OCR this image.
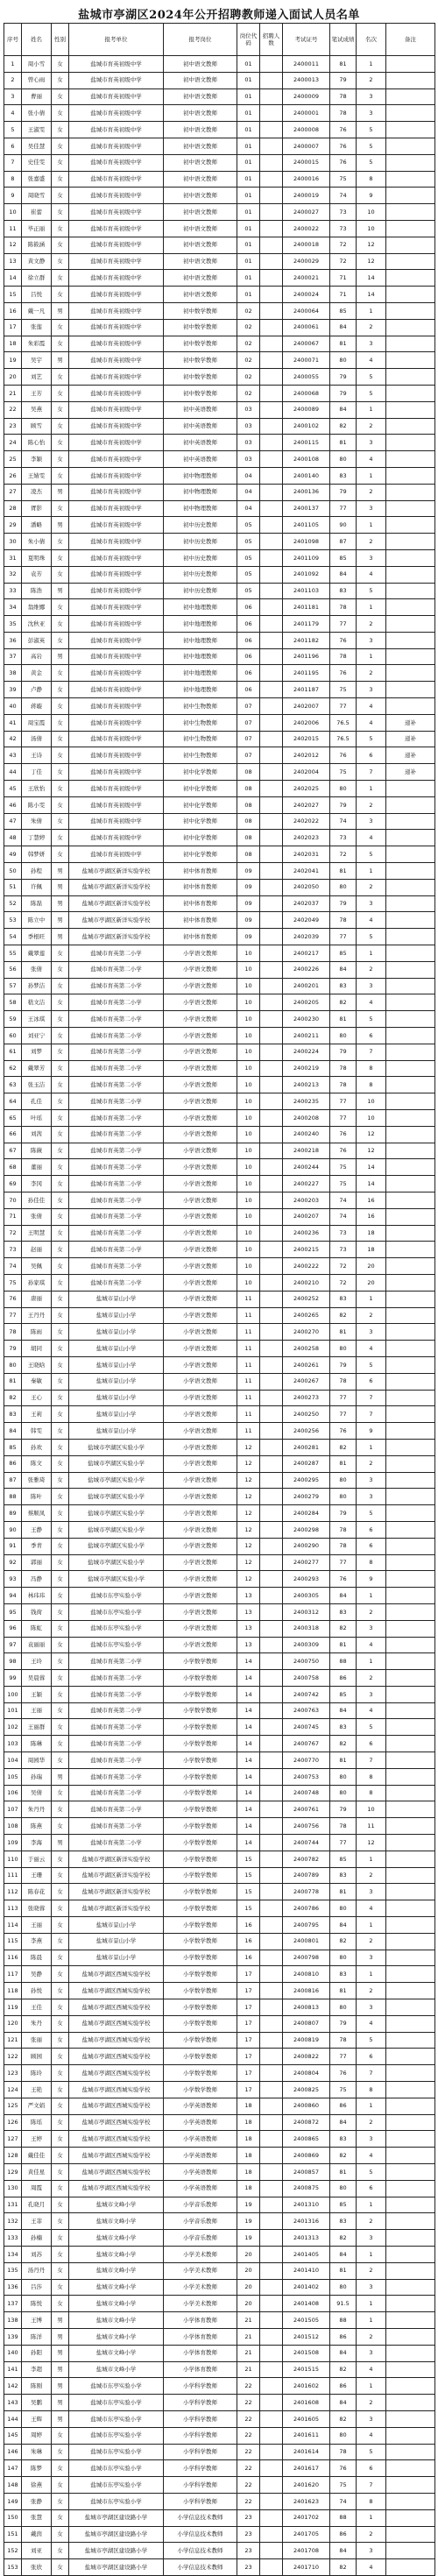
盐城市亭湖区2024年公开招聘教师递入面试人员名单
序号	姓名	性别	报考单位	报考岗位	岗位代码	招聘人数	考试证号	笔试成绩	名次	备注
1	周小雪	女	盐城市育英初级中学	初中语文教师	01		2400011	81	1	
2	曾心雨	女	盐城市育英初级中学	初中语文教师	01		2400013	79	2	
3	曹丽	女	盐城市育英初级中学	初中语文教师	01		2400009	78	3	
4	张小倩	女	盐城市育英初级中学	初中语文教师	01		2400001	78	3	
5	王淑雯	女	盐城市育英初级中学	初中语文教师	01		2400008	76	5	
6	吴佳慧	女	盐城市育英初级中学	初中语文教师	01		2400007	76	5	
7	史佳雯	女	盐城市育英初级中学	初中语文教师	01		2400015	76	5	
8	张嘉盛	女	盐城市育英初级中学	初中语文教师	01		2400016	75	8	
9	周晓雪	女	盐城市育英初级中学	初中语文教师	01		2400019	74	9	
10	崔蕾	女	盐城市育英初级中学	初中语文教师	01		2400027	73	10	
11	毕正丽	女	盐城市育英初级中学	初中语文教师	01		2400022	73	10	
12	陈筱涵	女	盐城市育英初级中学	初中语文教师	01		2400018	72	12	
13	黄文静	女	盐城市育英初级中学	初中语文教师	01		2400029	72	12	
14	徐立群	女	盐城市育英初级中学	初中语文教师	01		2400021	71	14	
15	吕悦	女	盐城市育英初级中学	初中语文教师	01		2400024	71	14	
16	戴一凡	男	盐城市育英初级中学	初中数学教师	02		2400064	85	1	
17	张莲	女	盐城市育英初级中学	初中数学教师	02		2400061	84	2	
18	朱彩霞	女	盐城市育英初级中学	初中数学教师	02		2400067	81	3	
19	吴宇	男	盐城市育英初级中学	初中数学教师	02		2400071	80	4	
20	刘艺	女	盐城市育英初级中学	初中数学教师	02		2400055	79	5	
21	王芳	女	盐城市育英初级中学	初中数学教师	02		2400068	79	5	
22	吴燕	女	盐城市育英初级中学	初中英语教师	03		2400089	84	1	
23	顾雪	女	盐城市育英初级中学	初中英语教师	03		2400102	82	2	
24	陈心怡	女	盐城市育英初级中学	初中英语教师	03		2400115	81	3	
25	李颖	女	盐城市育英初级中学	初中英语教师	03		2400108	80	4	
26	王婧雯	女	盐城市育英初级中学	初中物理教师	04		2400140	83	1	
27	凌杰	男	盐城市育英初级中学	初中物理教师	04		2400136	79	2	
28	胥影	女	盐城市育英初级中学	初中物理教师	04		2400137	77	3	
29	潘略	男	盐城市育英初级中学	初中历史教师	05		2401105	90	1	
30	朱小倩	女	盐城市育英初级中学	初中历史教师	05		2401098	87	2	
31	夏明珠	女	盐城市育英初级中学	初中历史教师	05		2401109	85	3	
32	袁芳	女	盐城市育英初级中学	初中历史教师	05		2401092	84	4	
33	陈浩	男	盐城市育英初级中学	初中历史教师	05		2401103	83	5	
34	翁维娜	女	盐城市育英初级中学	初中地理教师	06		2401181	78	1	
35	沈秋亚	女	盐城市育英初级中学	初中地理教师	06		2401179	77	2	
36	彭淑英	女	盐城市育英初级中学	初中地理教师	06		2401182	76	3	
37	高岩	男	盐城市育英初级中学	初中地理教师	06		2401196	78	1	
38	黄金	女	盐城市育英初级中学	初中地理教师	06		2401195	76	2	
39	卢静	女	盐城市育英初级中学	初中地理教师	06		2401187	75	3	
40	蒋璇	女	盐城市育英初级中学	初中生物教师	07		2402007	77	4	
41	周宝霞	女	盐城市育英初级中学	初中生物教师	07		2402006	76.5	4	递补
42	汤倩	女	盐城市育英初级中学	初中生物教师	07		2402015	76.5	5	递补
43	王诗	女	盐城市育英初级中学	初中生物教师	07		2402012	76	6	递补
44	丁佳	女	盐城市育英初级中学	初中化学教师	08		2402004	75	7	递补
45	王欣怡	女	盐城市育英初级中学	初中化学教师	08		2402025	80	1	
46	陈小雯	女	盐城市育英初级中学	初中化学教师	08		2402027	79	2	
47	朱倩	女	盐城市育英初级中学	初中化学教师	08		2402022	74	3	
48	丁慧婷	女	盐城市育英初级中学	初中化学教师	08		2402023	73	4	
49	韩梦妍	女	盐城市育英初级中学	初中化学教师	08		2402031	72	5	
50	孙程	男	盐城市亭湖区新洋实验学校	初中体育教师	09		2402041	81	1	
51	许佩	男	盐城市亭湖区新洋实验学校	初中体育教师	09		2402050	80	2	
52	陈磊	男	盐城市亭湖区新洋实验学校	初中体育教师	09		2402037	79	3	
53	陈立中	男	盐城市亭湖区新洋实验学校	初中体育教师	09		2402049	78	4	
54	季根旺	男	盐城市亭湖区新洋实验学校	初中体育教师	09		2402039	77	5	
55	戴翠莲	女	盐城市育英第二小学	小学语文教师	10		2400217	85	1	
56	张倩	女	盐城市育英第二小学	小学语文教师	10		2400226	84	2	
57	孙梦洁	女	盐城市育英第二小学	小学语文教师	10		2400201	83	3	
58	嵇文洁	女	盐城市育英第二小学	小学语文教师	10		2400205	82	4	
59	王冰琪	女	盐城市育英第二小学	小学语文教师	10		2400230	81	5	
60	刘亚宁	女	盐城市育英第二小学	小学语文教师	10		2400211	80	6	
61	刘梦	女	盐城市育英第二小学	小学语文教师	10		2400224	79	7	
62	戴翠芳	女	盐城市育英第二小学	小学语文教师	10		2400219	78	8	
63	张玉洁	女	盐城市育英第二小学	小学语文教师	10		2400213	78	8	
64	孔佳	女	盐城市育英第二小学	小学语文教师	10		2400235	77	10	
65	叶瑶	女	盐城市育英第二小学	小学语文教师	10		2400208	77	10	
66	刘茜	女	盐城市育英第二小学	小学语文教师	10		2400240	76	12	
67	陈薇	女	盐城市育英第二小学	小学语文教师	10		2400218	76	12	
68	董丽	女	盐城市育英第二小学	小学语文教师	10		2400244	75	14	
69	李冈	女	盐城市育英第二小学	小学语文教师	10		2400227	75	14	
70	孙佳佳	女	盐城市育英第二小学	小学语文教师	10		2400203	74	16	
71	张倩	女	盐城市育英第二小学	小学语文教师	10		2400207	74	16	
72	王明慧	女	盐城市育英第二小学	小学语文教师	10		2400236	73	18	
73	赵丽	女	盐城市育英第二小学	小学语文教师	10		2400215	73	18	
74	吴佩	女	盐城市育英第二小学	小学语文教师	10		2400222	72	20	
75	孙家琪	女	盐城市育英第二小学	小学语文教师	10		2400210	72	20	
76	唐丽	女	盐城市景山小学	小学语文教师	11		2400252	83	1	
77	王丹丹	女	盐城市景山小学	小学语文教师	11		2400265	82	2	
78	陈雨	女	盐城市景山小学	小学语文教师	11		2400270	81	3	
79	胡同	女	盐城市景山小学	小学语文教师	11		2400258	80	4	
80	王晓晗	女	盐城市景山小学	小学语文教师	11		2400261	79	5	
81	秦敏	女	盐城市景山小学	小学语文教师	11		2400267	78	6	
82	王心	女	盐城市景山小学	小学语文教师	11		2400273	77	7	
83	王莉	女	盐城市景山小学	小学语文教师	11		2400250	77	7	
84	韩雯	女	盐城市景山小学	小学语文教师	11		2400256	76	9	
85	孙欢	女	盐城市亭湖区实验小学	小学语文教师	12		2400281	82	1	
86	陈文	女	盐城市亭湖区实验小学	小学语文教师	12		2400287	81	2	
87	张雅琦	女	盐城市亭湖区实验小学	小学语文教师	12		2400295	80	3	
88	陈叶	女	盐城市亭湖区实验小学	小学语文教师	12		2400279	80	3	
89	蔡顺凤	女	盐城市亭湖区实验小学	小学语文教师	12		2400284	79	5	
90	王静	女	盐城市亭湖区实验小学	小学语文教师	12		2400298	78	6	
91	季青	女	盐城市亭湖区实验小学	小学语文教师	12		2400290	78	6	
92	郭丽	女	盐城市亭湖区实验小学	小学语文教师	12		2400277	77	8	
93	冯静	女	盐城市亭湖区实验小学	小学语文教师	12		2400293	76	9	
94	林玮玮	女	盐城市东亭实验小学	小学语文教师	13		2400305	84	1	
95	钱荷	女	盐城市东亭实验小学	小学语文教师	13		2400312	83	2	
96	陈虹	女	盐城市东亭实验小学	小学语文教师	13		2400318	82	3	
97	袁丽丽	女	盐城市东亭实验小学	小学语文教师	13		2400309	81	4	
98	王玲	女	盐城市育英第二小学	小学数学教师	14		2400750	88	1	
99	吴晨蓉	女	盐城市育英第二小学	小学数学教师	14		2400758	86	2	
100	王颖	女	盐城市育英第二小学	小学数学教师	14		2400742	85	3	
101	王丽	女	盐城市育英第二小学	小学数学教师	14		2400763	84	4	
102	王丽群	女	盐城市育英第二小学	小学数学教师	14		2400745	83	5	
103	陈琳	女	盐城市育英第二小学	小学数学教师	14		2400767	82	6	
104	周园华	女	盐城市育英第二小学	小学数学教师	14		2400770	81	7	
105	孙瑞	男	盐城市育英第二小学	小学数学教师	14		2400753	80	8	
106	吴倩	女	盐城市育英第二小学	小学数学教师	14		2400748	80	8	
107	朱丹丹	女	盐城市育英第二小学	小学数学教师	14		2400761	79	10	
108	陈燕	女	盐城市育英第二小学	小学数学教师	14		2400756	78	11	
109	李海	男	盐城市育英第二小学	小学数学教师	14		2400744	77	12	
110	于丽云	女	盐城市亭湖区新洋实验学校	小学数学教师	15		2400782	85	1	
111	王珊	女	盐城市亭湖区新洋实验学校	小学数学教师	15		2400789	83	2	
112	陈春花	女	盐城市亭湖区新洋实验学校	小学数学教师	15		2400778	81	3	
113	张晓蓉	女	盐城市亭湖区新洋实验学校	小学数学教师	15		2400786	80	4	
114	王丽	女	盐城市景山小学	小学数学教师	16		2400795	84	1	
115	李燕	女	盐城市景山小学	小学数学教师	16		2400801	82	2	
116	陈晨	女	盐城市景山小学	小学数学教师	16		2400798	80	3	
117	吴静	女	盐城市亭湖区西城实验学校	小学数学教师	17		2400810	83	1	
118	孙悦	女	盐城市亭湖区西城实验学校	小学数学教师	17		2400816	81	2	
119	王佳	女	盐城市亭湖区西城实验学校	小学数学教师	17		2400813	80	3	
120	朱丹	女	盐城市亭湖区西城实验学校	小学数学教师	17		2400807	79	4	
121	张丽	女	盐城市亭湖区西城实验学校	小学数学教师	17		2400819	78	5	
122	顾园	女	盐城市亭湖区西城实验学校	小学数学教师	17		2400822	77	6	
123	陈玲	女	盐城市亭湖区西城实验学校	小学数学教师	17		2400804	76	7	
124	王艳	女	盐城市亭湖区西城实验学校	小学数学教师	17		2400825	75	8	
125	严文娟	女	盐城市亭湖区西城实验学校	小学英语教师	18		2400860	86	1	
126	陈瑶	女	盐城市亭湖区西城实验学校	小学英语教师	18		2400872	84	2	
127	王婷	女	盐城市亭湖区西城实验学校	小学英语教师	18		2400865	83	3	
128	戴佳佳	女	盐城市亭湖区西城实验学校	小学英语教师	18		2400869	82	4	
129	黄佳星	女	盐城市亭湖区西城实验学校	小学英语教师	18		2400857	81	5	
130	周霞	女	盐城市亭湖区西城实验学校	小学英语教师	18		2400875	80	6	
131	孔晓月	女	盐城市文峰小学	小学音乐教师	19		2401310	85	1	
132	王菲	女	盐城市文峰小学	小学音乐教师	19		2401316	83	2	
133	孙楠	女	盐城市文峰小学	小学音乐教师	19		2401313	82	3	
134	刘苏	女	盐城市文峰小学	小学美术教师	20		2401405	84	1	
135	汤丹丹	女	盐城市文峰小学	小学美术教师	20		2401410	81	2	
136	吕莎	女	盐城市文峰小学	小学美术教师	20		2401402	80	3	
137	陈悦	女	盐城市文峰小学	小学美术教师	20		2401408	91.5	1	
138	王博	男	盐城市文峰小学	小学体育教师	21		2401505	88	1	
139	陈洋	男	盐城市文峰小学	小学体育教师	21		2401512	86	2	
140	孙阳	男	盐城市文峰小学	小学体育教师	21		2401508	84	3	
141	李超	男	盐城市文峰小学	小学体育教师	21		2401515	82	4	
142	陈刚	男	盐城市东亭实验小学	小学科学教师	22		2401602	86	1	
143	吴鹏	男	盐城市东亭实验小学	小学科学教师	22		2401608	84	2	
144	王辉	男	盐城市东亭实验小学	小学科学教师	22		2401605	82	3	
145	周婷	女	盐城市东亭实验小学	小学科学教师	22		2401611	80	4	
146	朱琳	女	盐城市东亭实验小学	小学科学教师	22		2401614	78	5	
147	陈梦	女	盐城市东亭实验小学	小学科学教师	22		2401617	76	6	
148	徐燕	女	盐城市东亭实验小学	小学科学教师	22		2401620	75	7	
149	张静	女	盐城市东亭实验小学	小学科学教师	22		2401623	74	8	
150	张慧	女	盐城市亭湖区建设路小学	小学信息技术教师	23		2401702	88	1	
151	戴茵	女	盐城市亭湖区建设路小学	小学信息技术教师	23		2401705	86	2	
152	刘亚	女	盐城市亭湖区建设路小学	小学信息技术教师	23		2401708	84	3	
153	张欣	女	盐城市亭湖区建设路小学	小学信息技术教师	23		2401710	82	4	
